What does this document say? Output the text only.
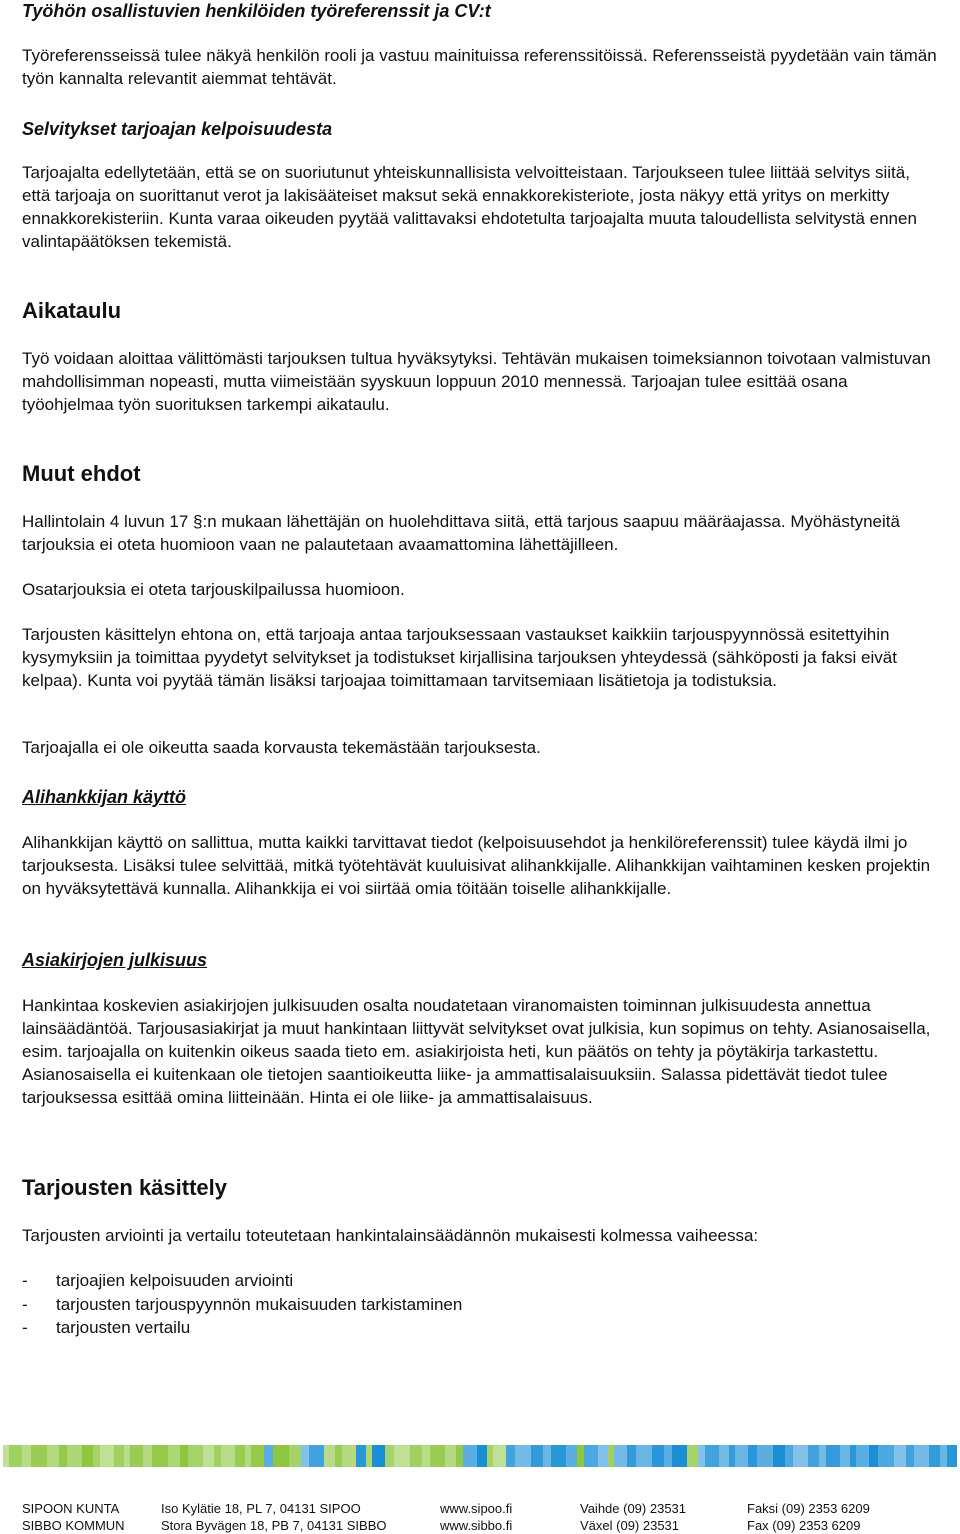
Työhön osallistuvien henkilöiden työreferenssit ja CV:t

Työreferensseissä tulee näkyä henkilön rooli ja vastuu mainituissa referenssitöissä. Referensseistä pyydetään vain tämän työn kannalta relevantit aiemmat tehtävät.

Selvitykset tarjoajan kelpoisuudesta

Tarjoajalta edellytetään, että se on suoriutunut yhteiskunnallisista velvoitteistaan. Tarjoukseen tulee liittää selvitys siitä, että tarjoaja on suorittanut verot ja lakisääteiset maksut sekä ennakkorekisteriote, josta näkyy että yritys on merkitty ennakkorekisteriin. Kunta varaa oikeuden pyytää valittavaksi ehdotetulta tarjoajalta muuta taloudellista selvitystä ennen valintapäätöksen tekemistä.

Aikataulu

Työ voidaan aloittaa välittömästi tarjouksen tultua hyväksytyksi. Tehtävän mukaisen toimeksiannon toivotaan valmistuvan mahdollisimman nopeasti, mutta viimeistään syyskuun loppuun 2010 mennessä. Tarjoajan tulee esittää osana työohjelmaa työn suorituksen tarkempi aikataulu.

Muut ehdot

Hallintolain 4 luvun 17 §:n mukaan lähettäjän on huolehdittava siitä, että tarjous saapuu määräajassa. Myöhästyneitä tarjouksia ei oteta huomioon vaan ne palautetaan avaamattomina lähettäjilleen.

Osatarjouksia ei oteta tarjouskilpailussa huomioon.

Tarjousten käsittelyn ehtona on, että tarjoaja antaa tarjouksessaan vastaukset kaikkiin tarjouspyynnössä esitettyihin kysymyksiin ja toimittaa pyydetyt selvitykset ja todistukset kirjallisina tarjouksen yhteydessä (sähköposti ja faksi eivät kelpaa). Kunta voi pyytää tämän lisäksi tarjoajaa toimittamaan tarvitsemiaan lisätietoja ja todistuksia.

Tarjoajalla ei ole oikeutta saada korvausta tekemästään tarjouksesta.

Alihankkijan käyttö

Alihankkijan käyttö on sallittua, mutta kaikki tarvittavat tiedot (kelpoisuusehdot ja henkilöreferenssit) tulee käydä ilmi jo tarjouksesta. Lisäksi tulee selvittää, mitkä työtehtävät kuuluisivat alihankkijalle. Alihankkijan vaihtaminen kesken projektin on hyväksytettävä kunnalla. Alihankkija ei voi siirtää omia töitään toiselle alihankkijalle.

Asiakirjojen julkisuus

Hankintaa koskevien asiakirjojen julkisuuden osalta noudatetaan viranomaisten toiminnan julkisuudesta annettua lainsäädäntöä. Tarjousasiakirjat ja muut hankintaan liittyvät selvitykset ovat julkisia, kun sopimus on tehty. Asianosaisella, esim. tarjoajalla on kuitenkin oikeus saada tieto em. asiakirjoista heti, kun päätös on tehty ja pöytäkirja tarkastettu. Asianosaisella ei kuitenkaan ole tietojen saantioikeutta liike- ja ammattisalaisuuksiin. Salassa pidettävät tiedot tulee tarjouksessa esittää omina liitteinään. Hinta ei ole liike- ja ammattisalaisuus.

Tarjousten käsittely

Tarjousten arviointi ja vertailu toteutetaan hankintalainsäädännön mukaisesti kolmessa vaiheessa:

- tarjoajien kelpoisuuden arviointi
- tarjousten tarjouspyynnön mukaisuuden tarkistaminen
- tarjousten vertailu
SIPOON KUNTA
SIBBO KOMMUN
Iso Kylätie 18, PL 7, 04131 SIPOO
Stora Byvägen 18, PB 7, 04131 SIBBO
www.sipoo.fi
www.sibbo.fi
Vaihde (09) 23531
Växel (09) 23531
Faksi (09) 2353 6209
Fax (09) 2353 6209
